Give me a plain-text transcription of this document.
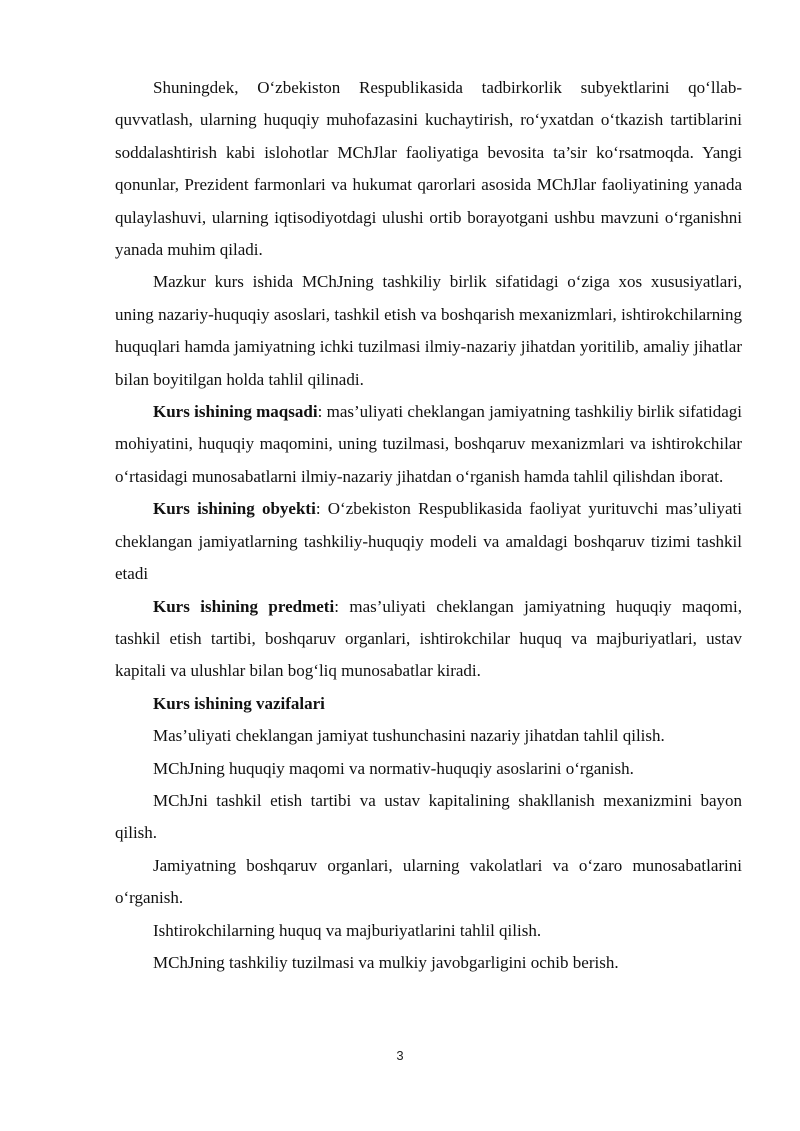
Shuningdek, O‘zbekiston Respublikasida tadbirkorlik subyektlarini qo‘llab-quvvatlash, ularning huquqiy muhofazasini kuchaytirish, ro‘yxatdan o‘tkazish tartiblarini soddalashtirish kabi islohotlar MChJlar faoliyatiga bevosita ta’sir ko‘rsatmoqda. Yangi qonunlar, Prezident farmonlari va hukumat qarorlari asosida MChJlar faoliyatining yanada qulaylashuvi, ularning iqtisodiyotdagi ulushi ortib borayotgani ushbu mavzuni o‘rganishni yanada muhim qiladi.

Mazkur kurs ishida MChJning tashkiliy birlik sifatidagi o‘ziga xos xususiyatlari, uning nazariy-huquqiy asoslari, tashkil etish va boshqarish mexanizmlari, ishtirokchilarning huquqlari hamda jamiyatning ichki tuzilmasi ilmiy-nazariy jihatdan yoritilib, amaliy jihatlar bilan boyitilgan holda tahlil qilinadi.

Kurs ishining maqsadi: mas’uliyati cheklangan jamiyatning tashkiliy birlik sifatidagi mohiyatini, huquqiy maqomini, uning tuzilmasi, boshqaruv mexanizmlari va ishtirokchilar o‘rtasidagi munosabatlarni ilmiy-nazariy jihatdan o‘rganish hamda tahlil qilishdan iborat.

Kurs ishining obyekti: O‘zbekiston Respublikasida faoliyat yurituvchi mas’uliyati cheklangan jamiyatlarning tashkiliy-huquqiy modeli va amaldagi boshqaruv tizimi tashkil etadi

Kurs ishining predmeti: mas’uliyati cheklangan jamiyatning huquqiy maqomi, tashkil etish tartibi, boshqaruv organlari, ishtirokchilar huquq va majburiyatlari, ustav kapitali va ulushlar bilan bog‘liq munosabatlar kiradi.

Kurs ishining vazifalari

Mas’uliyati cheklangan jamiyat tushunchasini nazariy jihatdan tahlil qilish.

MChJning huquqiy maqomi va normativ-huquqiy asoslarini o‘rganish.

MChJni tashkil etish tartibi va ustav kapitalining shakllanish mexanizmini bayon qilish.

Jamiyatning boshqaruv organlari, ularning vakolatlari va o‘zaro munosabatlarini o‘rganish.

Ishtirokchilarning huquq va majburiyatlarini tahlil qilish.

MChJning tashkiliy tuzilmasi va mulkiy javobgarligini ochib berish.

3
